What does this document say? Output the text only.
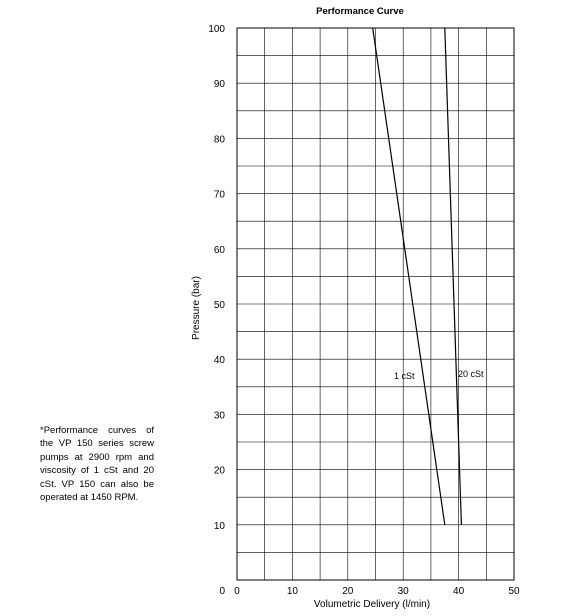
0	10	20	30	40	50
10
20
30
40
50
60
70
80
90
100
0
Performance Curve
Volumetric Delivery (l/min)
Pressure (bar)
1 cSt	20 cSt
*Performance curves of the VP 150 series screw pumps at 2900 rpm and viscosity of 1 cSt and 20 cSt. VP 150 can also be operated at 1450 RPM.
